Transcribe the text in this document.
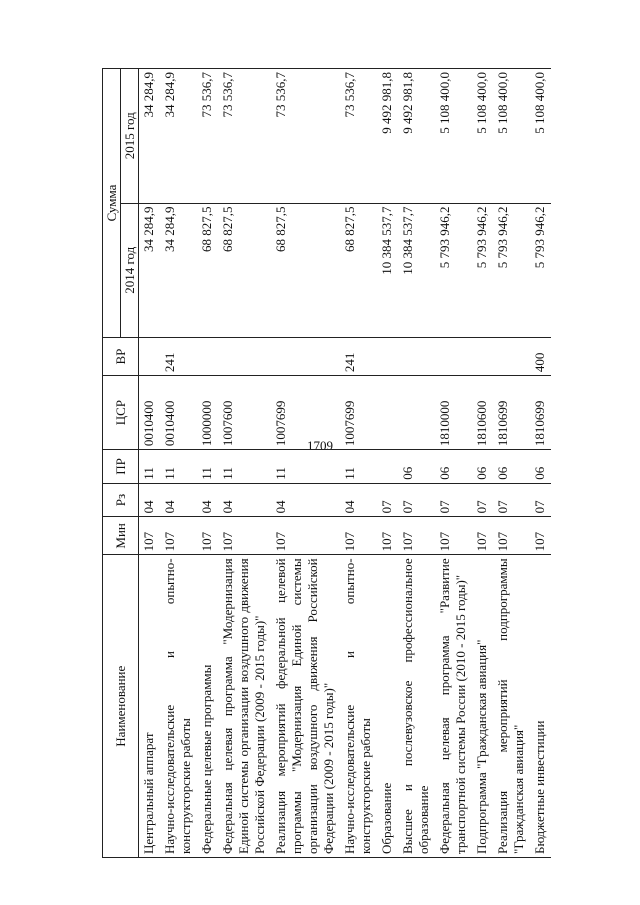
1709
Наименование	Мин	Рз	ПР	ЦСР	ВР	Сумма	
						2014 год	2015 год
Центральный аппарат	107	04	11	0010400		34 284,9	34 284,9
Научно-исследовательские и опытно-конструкторские работы	107	04	11	0010400	241	34 284,9	34 284,9
Федеральные целевые программы	107	04	11	1000000		68 827,5	73 536,7
Федеральная целевая программа "Модернизация Единой системы организации воздушного движения Российской Федерации (2009 - 2015 годы)"	107	04	11	1007600		68 827,5	73 536,7
Реализация мероприятий федеральной целевой программы "Модернизация Единой системы организации воздушного движения Российской Федерации (2009 - 2015 годы)"	107	04	11	1007699		68 827,5	73 536,7
Научно-исследовательские и опытно-конструкторские работы	107	04	11	1007699	241	68 827,5	73 536,7
Образование	107	07				10 384 537,7	9 492 981,8
Высшее и послевузовское профессиональное образование	107	07	06			10 384 537,7	9 492 981,8
Федеральная целевая программа "Развитие транспортной системы России (2010 - 2015 годы)"	107	07	06	1810000		5 793 946,2	5 108 400,0
Подпрограмма "Гражданская авиация"	107	07	06	1810600		5 793 946,2	5 108 400,0
Реализация мероприятий подпрограммы "Гражданская авиация"	107	07	06	1810699		5 793 946,2	5 108 400,0
Бюджетные инвестиции	107	07	06	1810699	400	5 793 946,2	5 108 400,0
